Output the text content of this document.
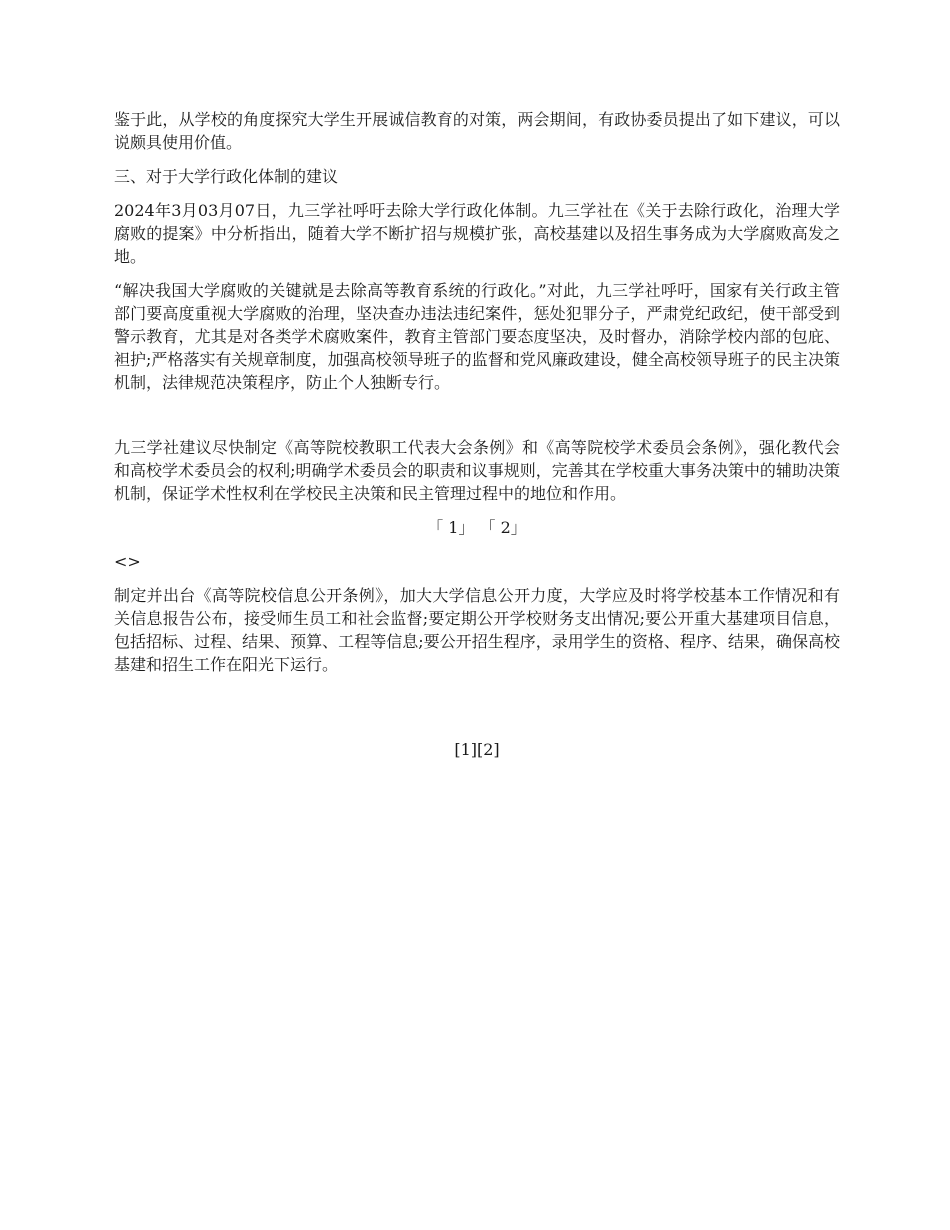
鉴于此，从学校的角度探究大学生开展诚信教育的对策，两会期间，有政协委员提出了如下建议，可以说颇具使用价值。

三、对于大学行政化体制的建议

2024年3月03月07日，九三学社呼吁去除大学行政化体制。九三学社在《关于去除行政化，治理大学腐败的提案》中分析指出，随着大学不断扩招与规模扩张，高校基建以及招生事务成为大学腐败高发之地。

“解决我国大学腐败的关键就是去除高等教育系统的行政化。”对此，九三学社呼吁，国家有关行政主管部门要高度重视大学腐败的治理，坚决查办违法违纪案件，惩处犯罪分子，严肃党纪政纪，使干部受到警示教育，尤其是对各类学术腐败案件，教育主管部门要态度坚决，及时督办，消除学校内部的包庇、袒护;严格落实有关规章制度，加强高校领导班子的监督和党风廉政建设，健全高校领导班子的民主决策机制，法律规范决策程序，防止个人独断专行。

九三学社建议尽快制定《高等院校教职工代表大会条例》和《高等院校学术委员会条例》，强化教代会和高校学术委员会的权利;明确学术委员会的职责和议事规则，完善其在学校重大事务决策中的辅助决策机制，保证学术性权利在学校民主决策和民主管理过程中的地位和作用。

「 1」 「 2」

<>

制定并出台《高等院校信息公开条例》，加大大学信息公开力度，大学应及时将学校基本工作情况和有关信息报告公布，接受师生员工和社会监督;要定期公开学校财务支出情况;要公开重大基建项目信息，包括招标、过程、结果、预算、工程等信息;要公开招生程序，录用学生的资格、程序、结果，确保高校基建和招生工作在阳光下运行。

[1][2]
